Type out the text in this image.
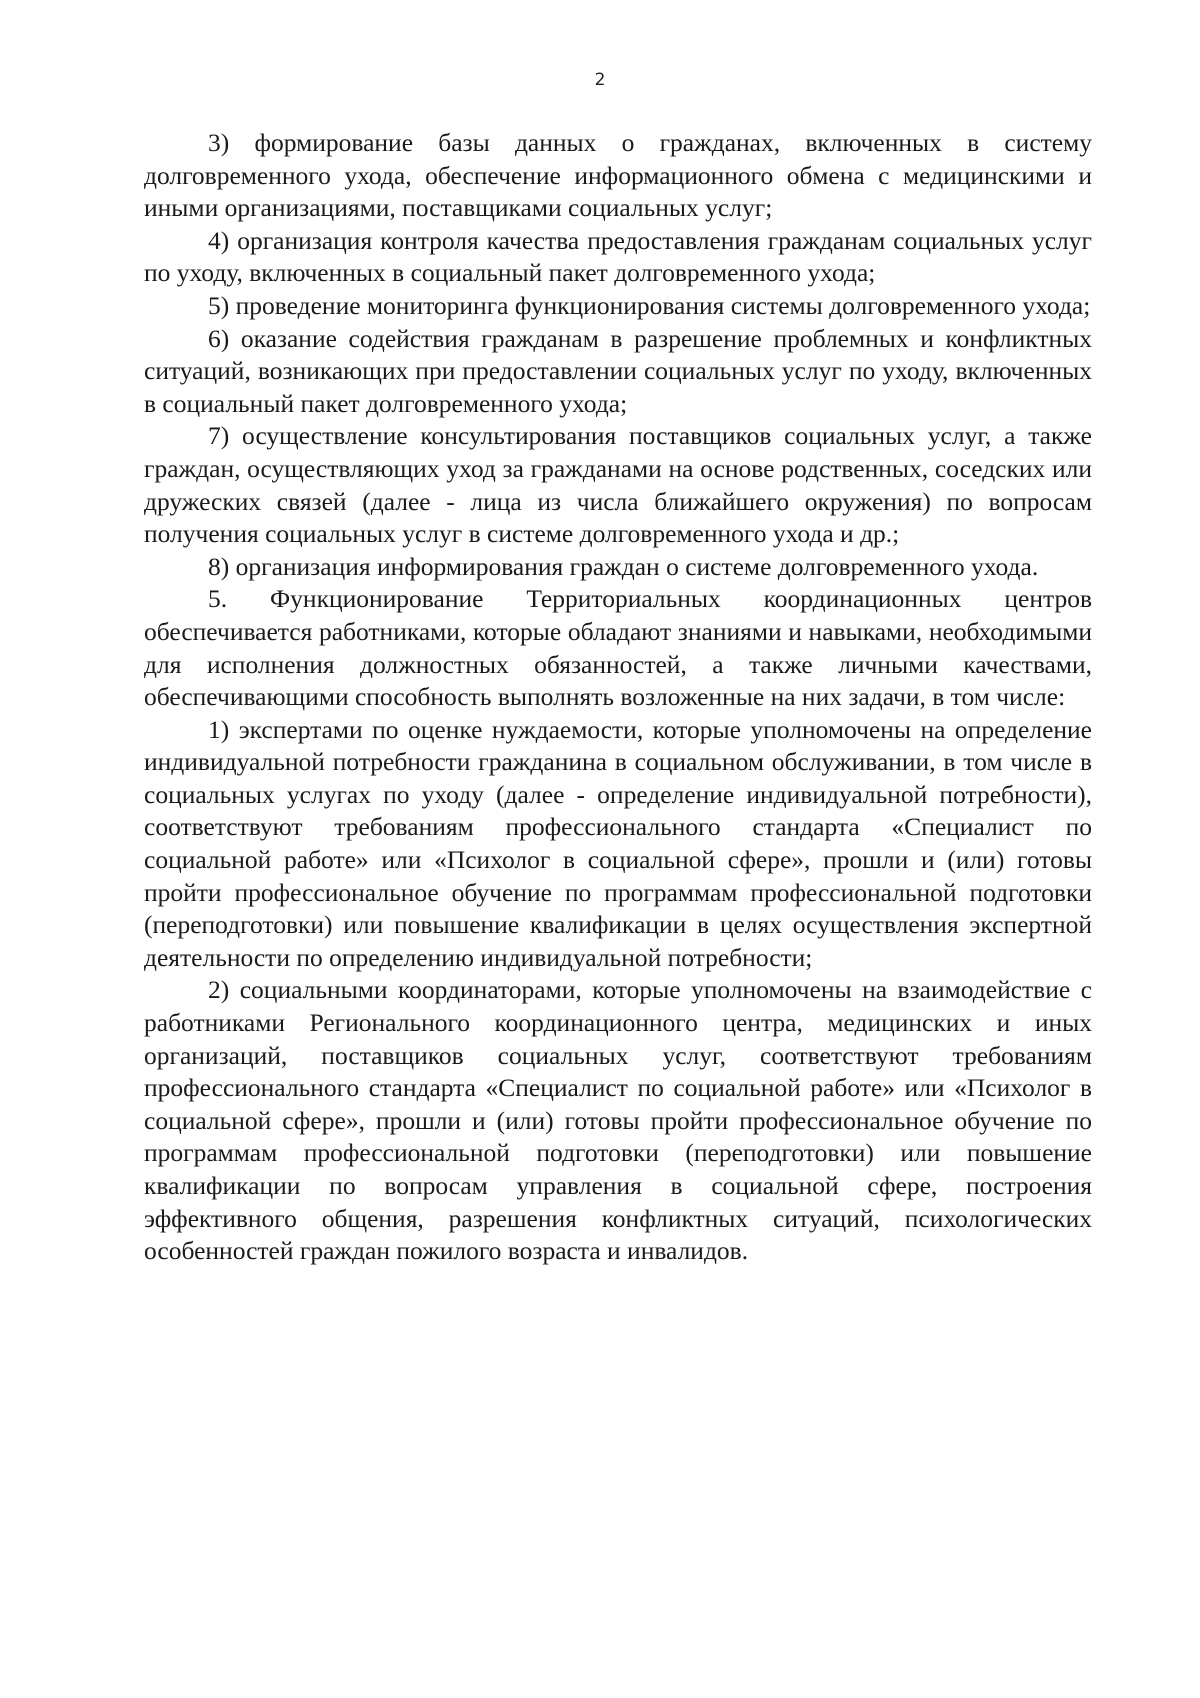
2

3) формирование базы данных о гражданах, включенных в систему долговременного ухода, обеспечение информационного обмена с медицинскими и иными организациями, поставщиками социальных услуг;

4) организация контроля качества предоставления гражданам социальных услуг по уходу, включенных в социальный пакет долговременного ухода;

5) проведение мониторинга функционирования системы долговременного ухода;

6) оказание содействия гражданам в разрешение проблемных и конфликтных ситуаций, возникающих при предоставлении социальных услуг по уходу, включенных в социальный пакет долговременного ухода;

7) осуществление консультирования поставщиков социальных услуг, а также граждан, осуществляющих уход за гражданами на основе родственных, соседских или дружеских связей (далее - лица из числа ближайшего окружения) по вопросам получения социальных услуг в системе долговременного ухода и др.;

8) организация информирования граждан о системе долговременного ухода.

5. Функционирование Территориальных координационных центров обеспечивается работниками, которые обладают знаниями и навыками, необходимыми для исполнения должностных обязанностей, а также личными качествами, обеспечивающими способность выполнять возложенные на них задачи, в том числе:

1) экспертами по оценке нуждаемости, которые уполномочены на определение индивидуальной потребности гражданина в социальном обслуживании, в том числе в социальных услугах по уходу (далее - определение индивидуальной потребности), соответствуют требованиям профессионального стандарта «Специалист по социальной работе» или «Психолог в социальной сфере», прошли и (или) готовы пройти профессиональное обучение по программам профессиональной подготовки (переподготовки) или повышение квалификации в целях осуществления экспертной деятельности по определению индивидуальной потребности;

2) социальными координаторами, которые уполномочены на взаимодействие с работниками Регионального координационного центра, медицинских и иных организаций, поставщиков социальных услуг, соответствуют требованиям профессионального стандарта «Специалист по социальной работе» или «Психолог в социальной сфере», прошли и (или) готовы пройти профессиональное обучение по программам профессиональной подготовки (переподготовки) или повышение квалификации по вопросам управления в социальной сфере, построения эффективного общения, разрешения конфликтных ситуаций, психологических особенностей граждан пожилого возраста и инвалидов.
